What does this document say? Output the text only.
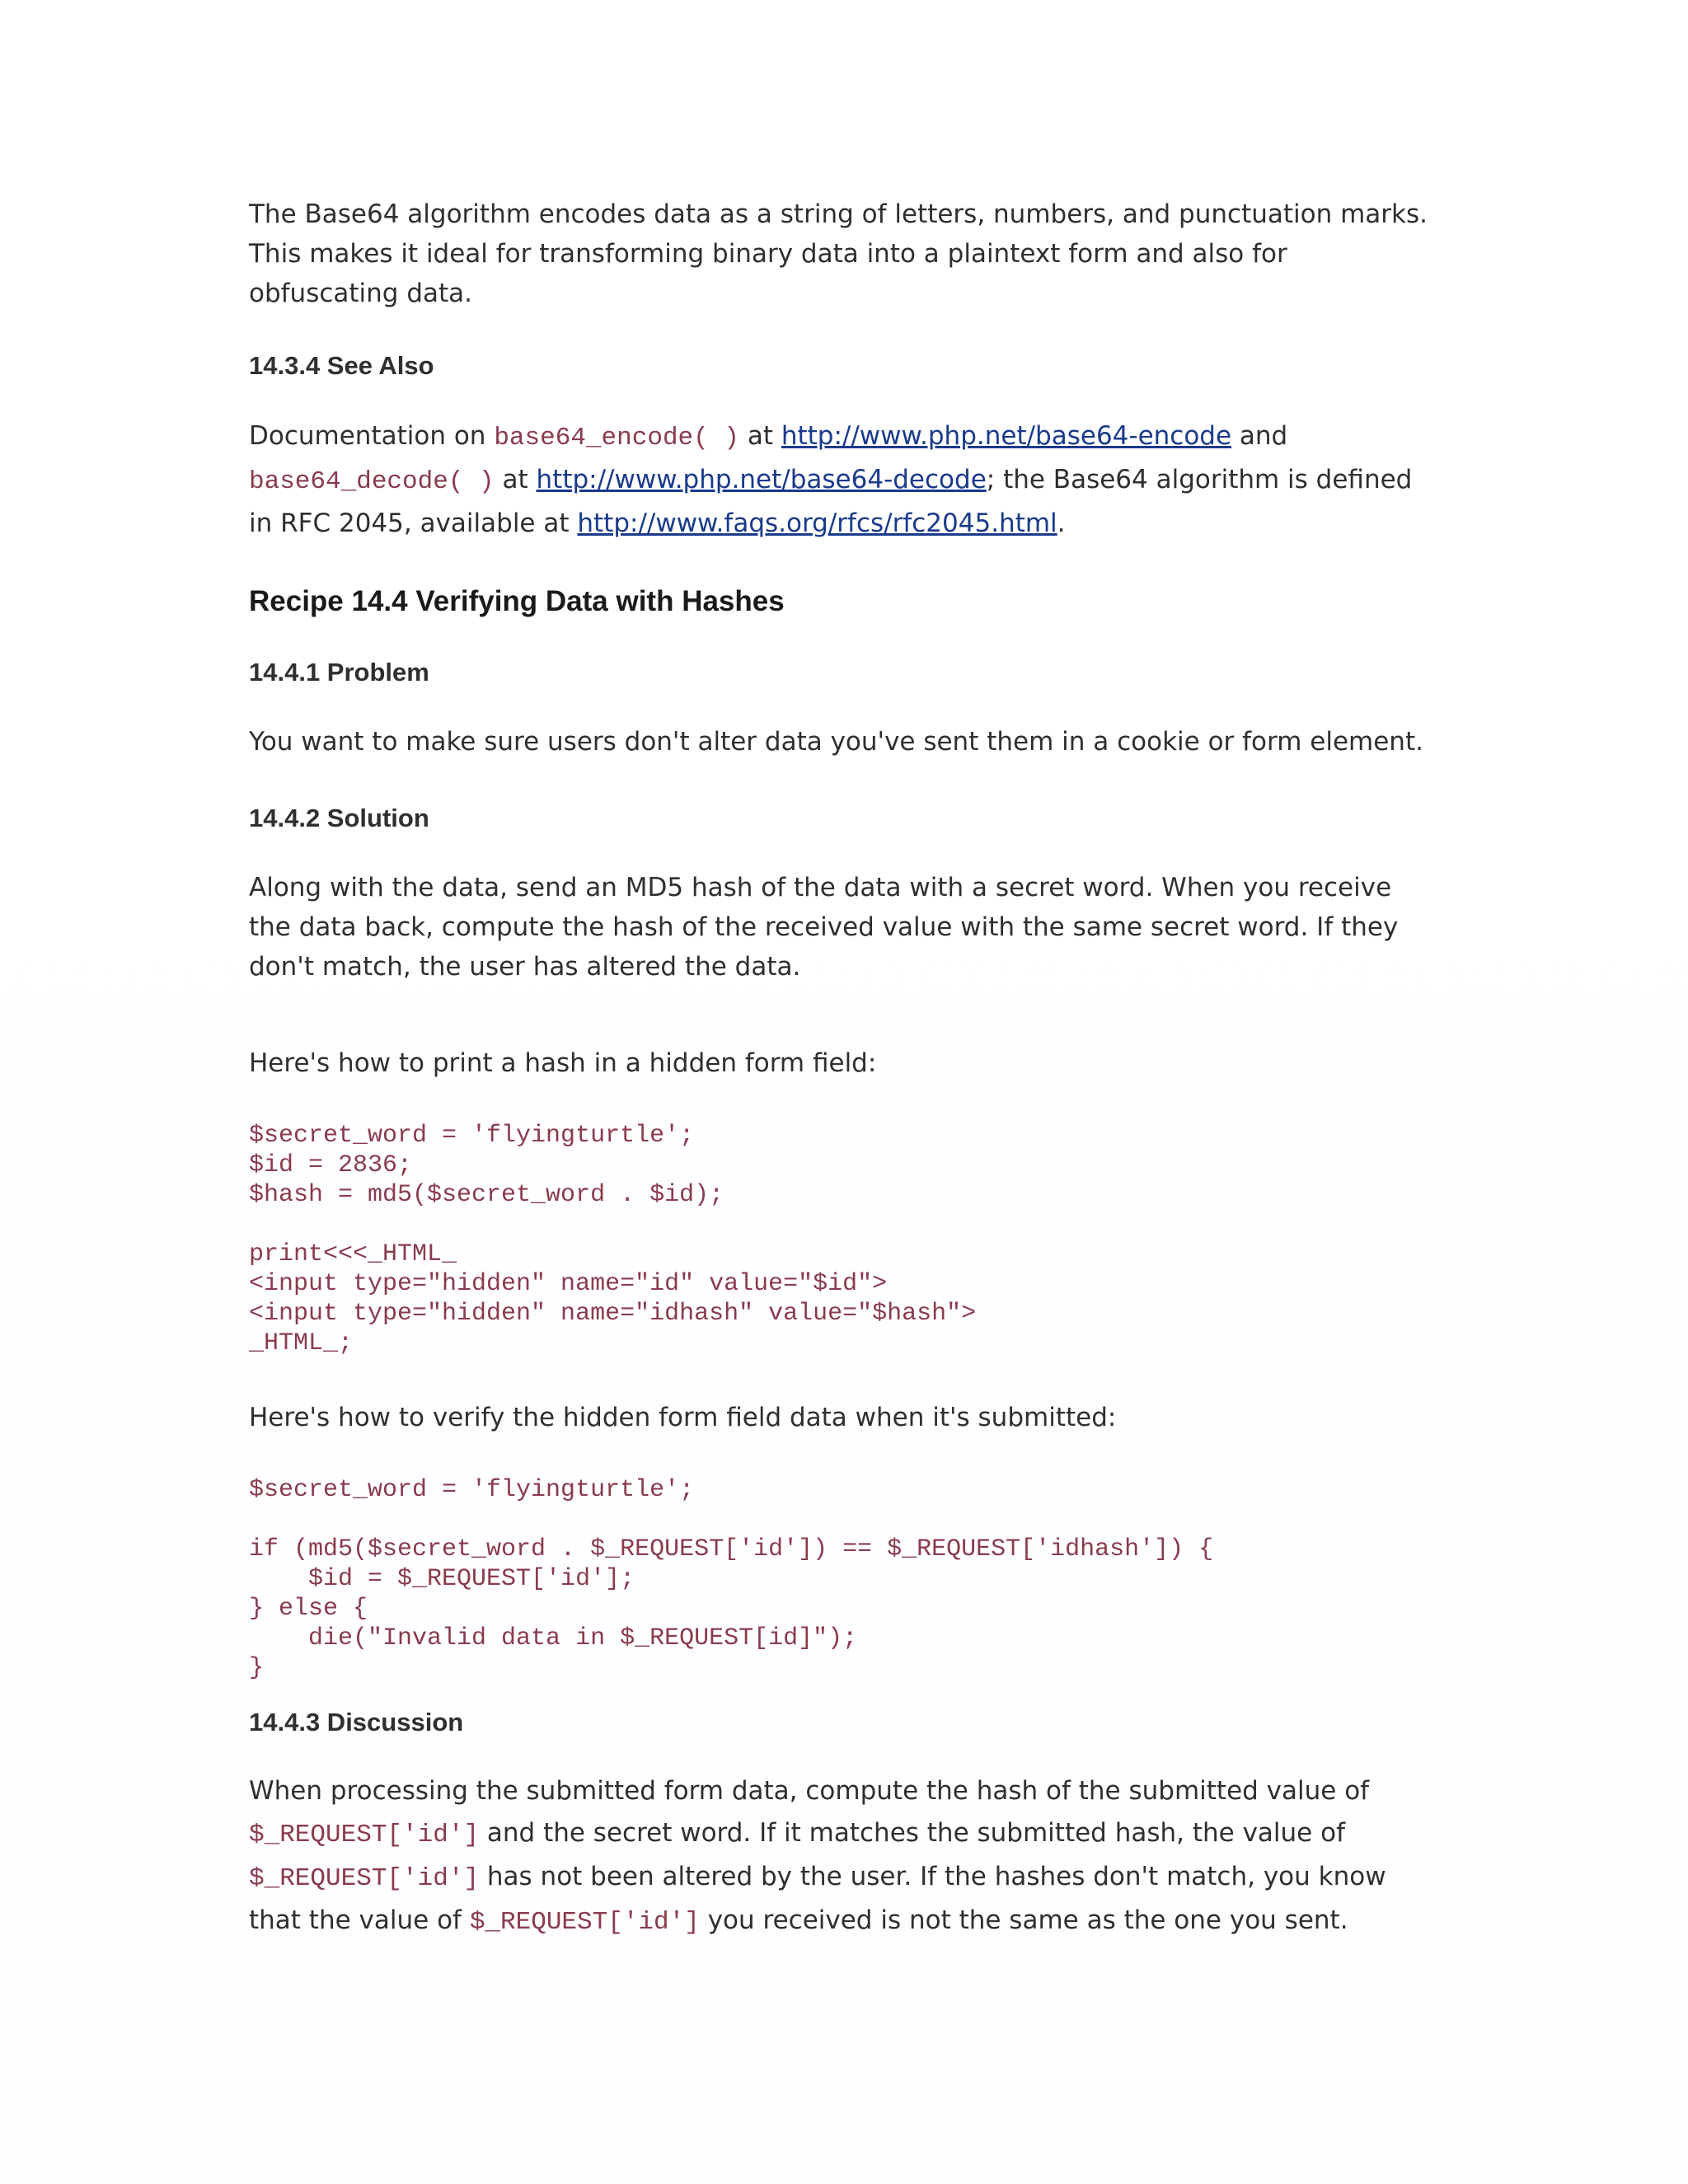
The Base64 algorithm encodes data as a string of letters, numbers, and punctuation marks. This makes it ideal for transforming binary data into a plaintext form and also for obfuscating data.

14.3.4 See Also

Documentation on base64_encode( ) at http://www.php.net/base64-encode and
base64_decode( ) at http://www.php.net/base64-decode; the Base64 algorithm is defined in RFC 2045, available at http://www.faqs.org/rfcs/rfc2045.html.

Recipe 14.4 Verifying Data with Hashes
14.4.1 Problem

You want to make sure users don't alter data you've sent them in a cookie or form element.

14.4.2 Solution

Along with the data, send an MD5 hash of the data with a secret word. When you receive the data back, compute the hash of the received value with the same secret word. If they don't match, the user has altered the data.

Here's how to print a hash in a hidden form field:

$secret_word = 'flyingturtle';
$id = 2836;
$hash = md5($secret_word . $id);

print<<<_HTML_
<input type="hidden" name="id" value="$id">
<input type="hidden" name="idhash" value="$hash">
_HTML_;

Here's how to verify the hidden form field data when it's submitted:

$secret_word = 'flyingturtle';

if (md5($secret_word . $_REQUEST['id']) == $_REQUEST['idhash']) {
$id = $_REQUEST['id'];
} else {
die("Invalid data in $_REQUEST[id]");
}
14.4.3 Discussion

When processing the submitted form data, compute the hash of the submitted value of
$_REQUEST['id'] and the secret word. If it matches the submitted hash, the value of
$_REQUEST['id'] has not been altered by the user. If the hashes don't match, you know that the value of $_REQUEST['id'] you received is not the same as the one you sent.
